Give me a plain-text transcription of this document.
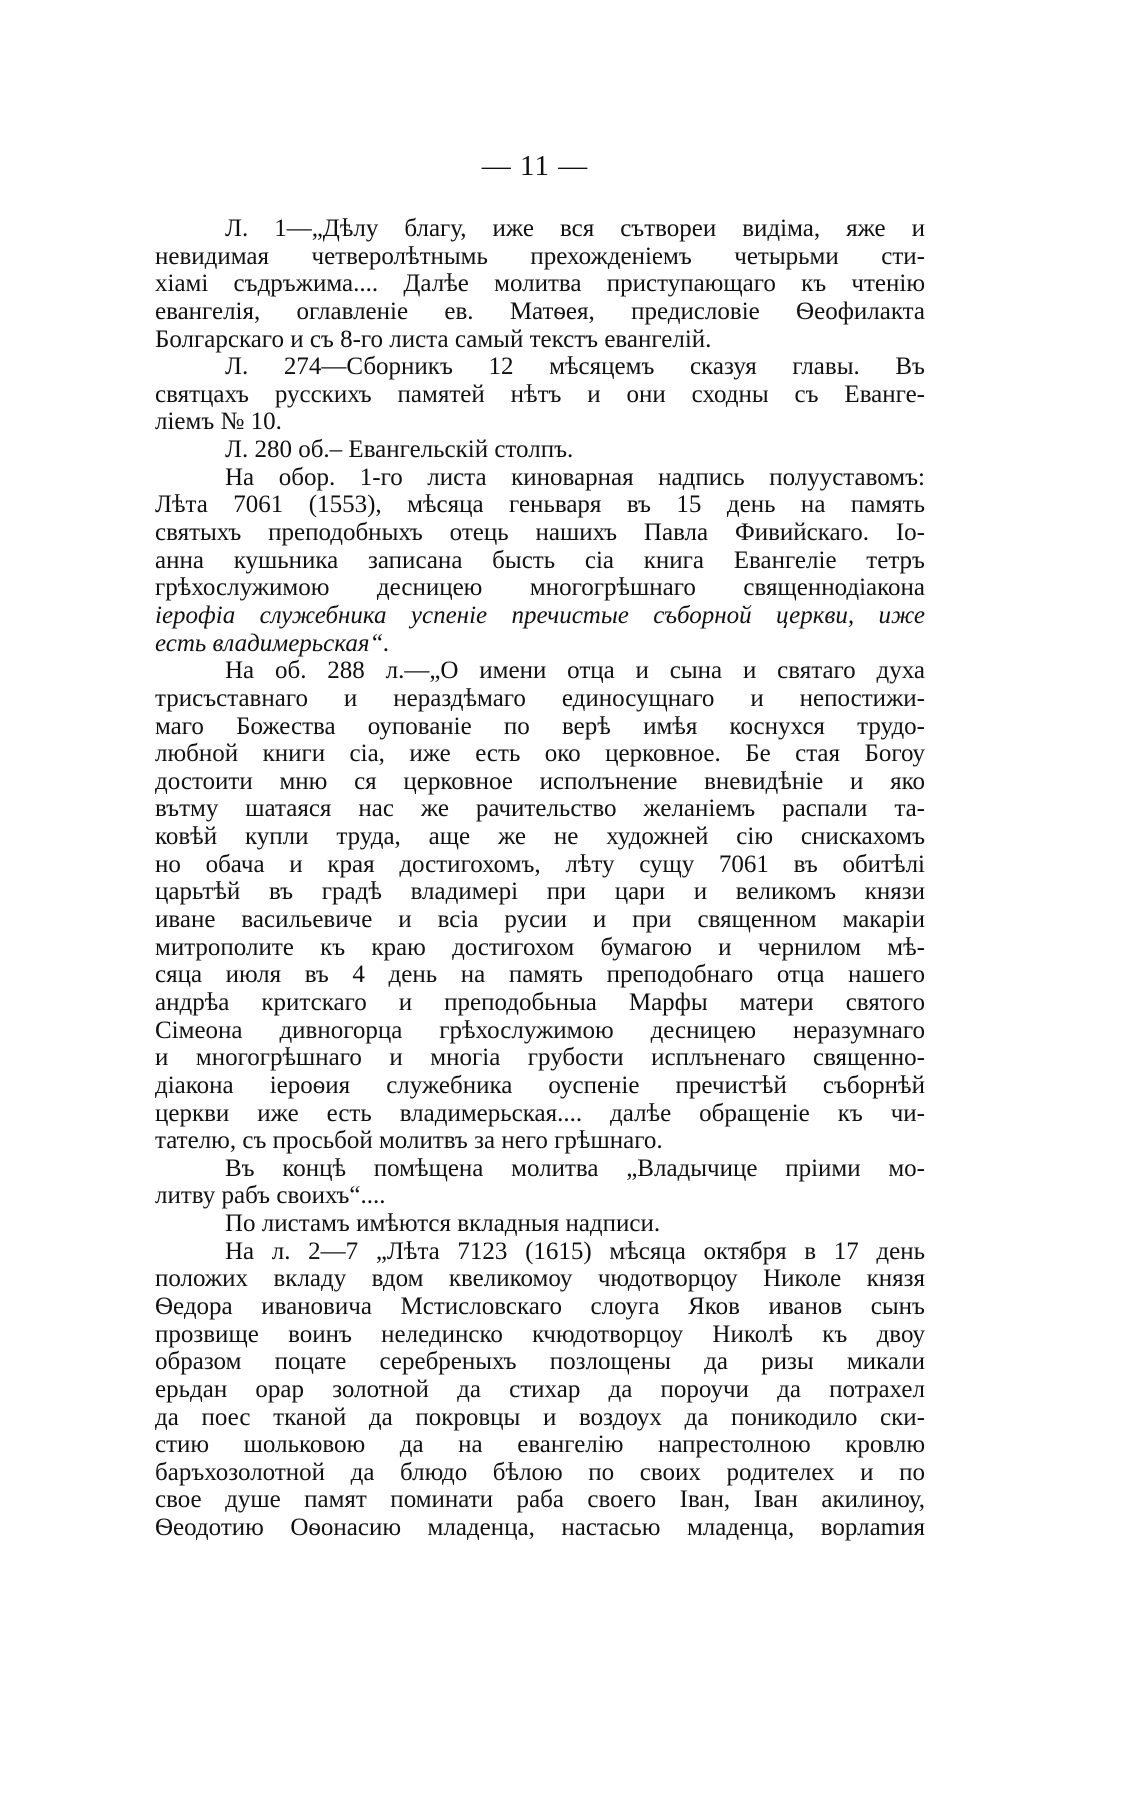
— 11 —
Л. 1—„Дѣлу благу, иже вся сътвореи видіма, яже и
невидимая четверолѣтнымь прехожденіемъ четырьми сти-
хіамі съдръжима.... Далѣе молитва приступающаго къ чтенію
евангелія, оглавленіе ев. Матѳея, предисловіе Ѳеофилакта
Болгарскаго и съ 8-го листа самый текстъ евангелій.
Л. 274—Сборникъ 12 мѣсяцемъ сказуя главы. Въ
святцахъ русскихъ памятей нѣтъ и они сходны съ Еванге-
ліемъ № 10.
Л. 280 об.– Евангельскій столпъ.
На обор. 1-го листа киноварная надпись полууставомъ:
Лѣта 7061 (1553), мѣсяца геньваря въ 15 день на память
святыхъ преподобныхъ отець нашихъ Павла Фивийскаго. Іо-
анна кушьника записана бысть сіа книга Евангеліе тетръ
грѣхослужимою десницею многогрѣшнаго священнодіакона
іерофіа служебника успеніе пречистые съборной церкви, иже
есть владимерьская“.
На об. 288 л.—„О имени отца и сына и святаго духа
трисъставнаго и нераздѣмаго единосущнаго и непостижи-
маго Божества оупованіе по верѣ имѣя коснухся трудо-
любной книги сіа, иже есть око церковное. Бе стая Богоу
достоити мню ся церковное исполънение вневидѣніе и яко
вътму шатаяся нас же рачительство желаніемъ распали та-
ковѣй купли труда, аще же не художней сію снискахомъ
но обача и края достигохомъ, лѣту сущу 7061 въ обитѣлі
царьтѣй въ градѣ владимері при цари и великомъ князи
иване васильевиче и всіа русии и при священном макаріи
митрополите къ краю достигохом бумагою и чернилом мѣ-
сяца июля въ 4 день на память преподобнаго отца нашего
андрѣа критскаго и преподобьныа Марфы матери святого
Сімеона дивногорца грѣхослужимою десницею неразумнаго
и многогрѣшнаго и многіа грубости исплъненаго священно-
діакона іероѳия служебника оуспеніе пречистѣй съборнѣй
церкви иже есть владимерьская.... далѣе обращеніе къ чи-
тателю, съ просьбой молитвъ за него грѣшнаго.
Въ концѣ помѣщена молитва „Владычице пріими мо-
литву рабъ своихъ“....
По листамъ имѣются вкладныя надписи.
На л. 2—7 „Лѣта 7123 (1615) мѣсяца октября в 17 день
положих вкладу вдом квеликомоу чюдотворцоу Николе князя
Ѳедора ивановича Мстисловскаго слоуга Яков иванов сынъ
прозвище воинъ нелединско кчюдотворцоу Николѣ къ двоу
образом поцате серебреныхъ позлощены да ризы микали
ерьдан орар золотной да стихар да пороучи да потрахел
да поес тканой да покровцы и воздоух да поникодило ски-
стию шольковою да на евангелію напрестолною кровлю
баръхозолотной да блюдо бѣлою по своих родителех и по
свое душе памят поминати раба своего Іван, Іван акилиноу,
Ѳеодотию Оѳонасию младенца, настасью младенца, ворлamия
